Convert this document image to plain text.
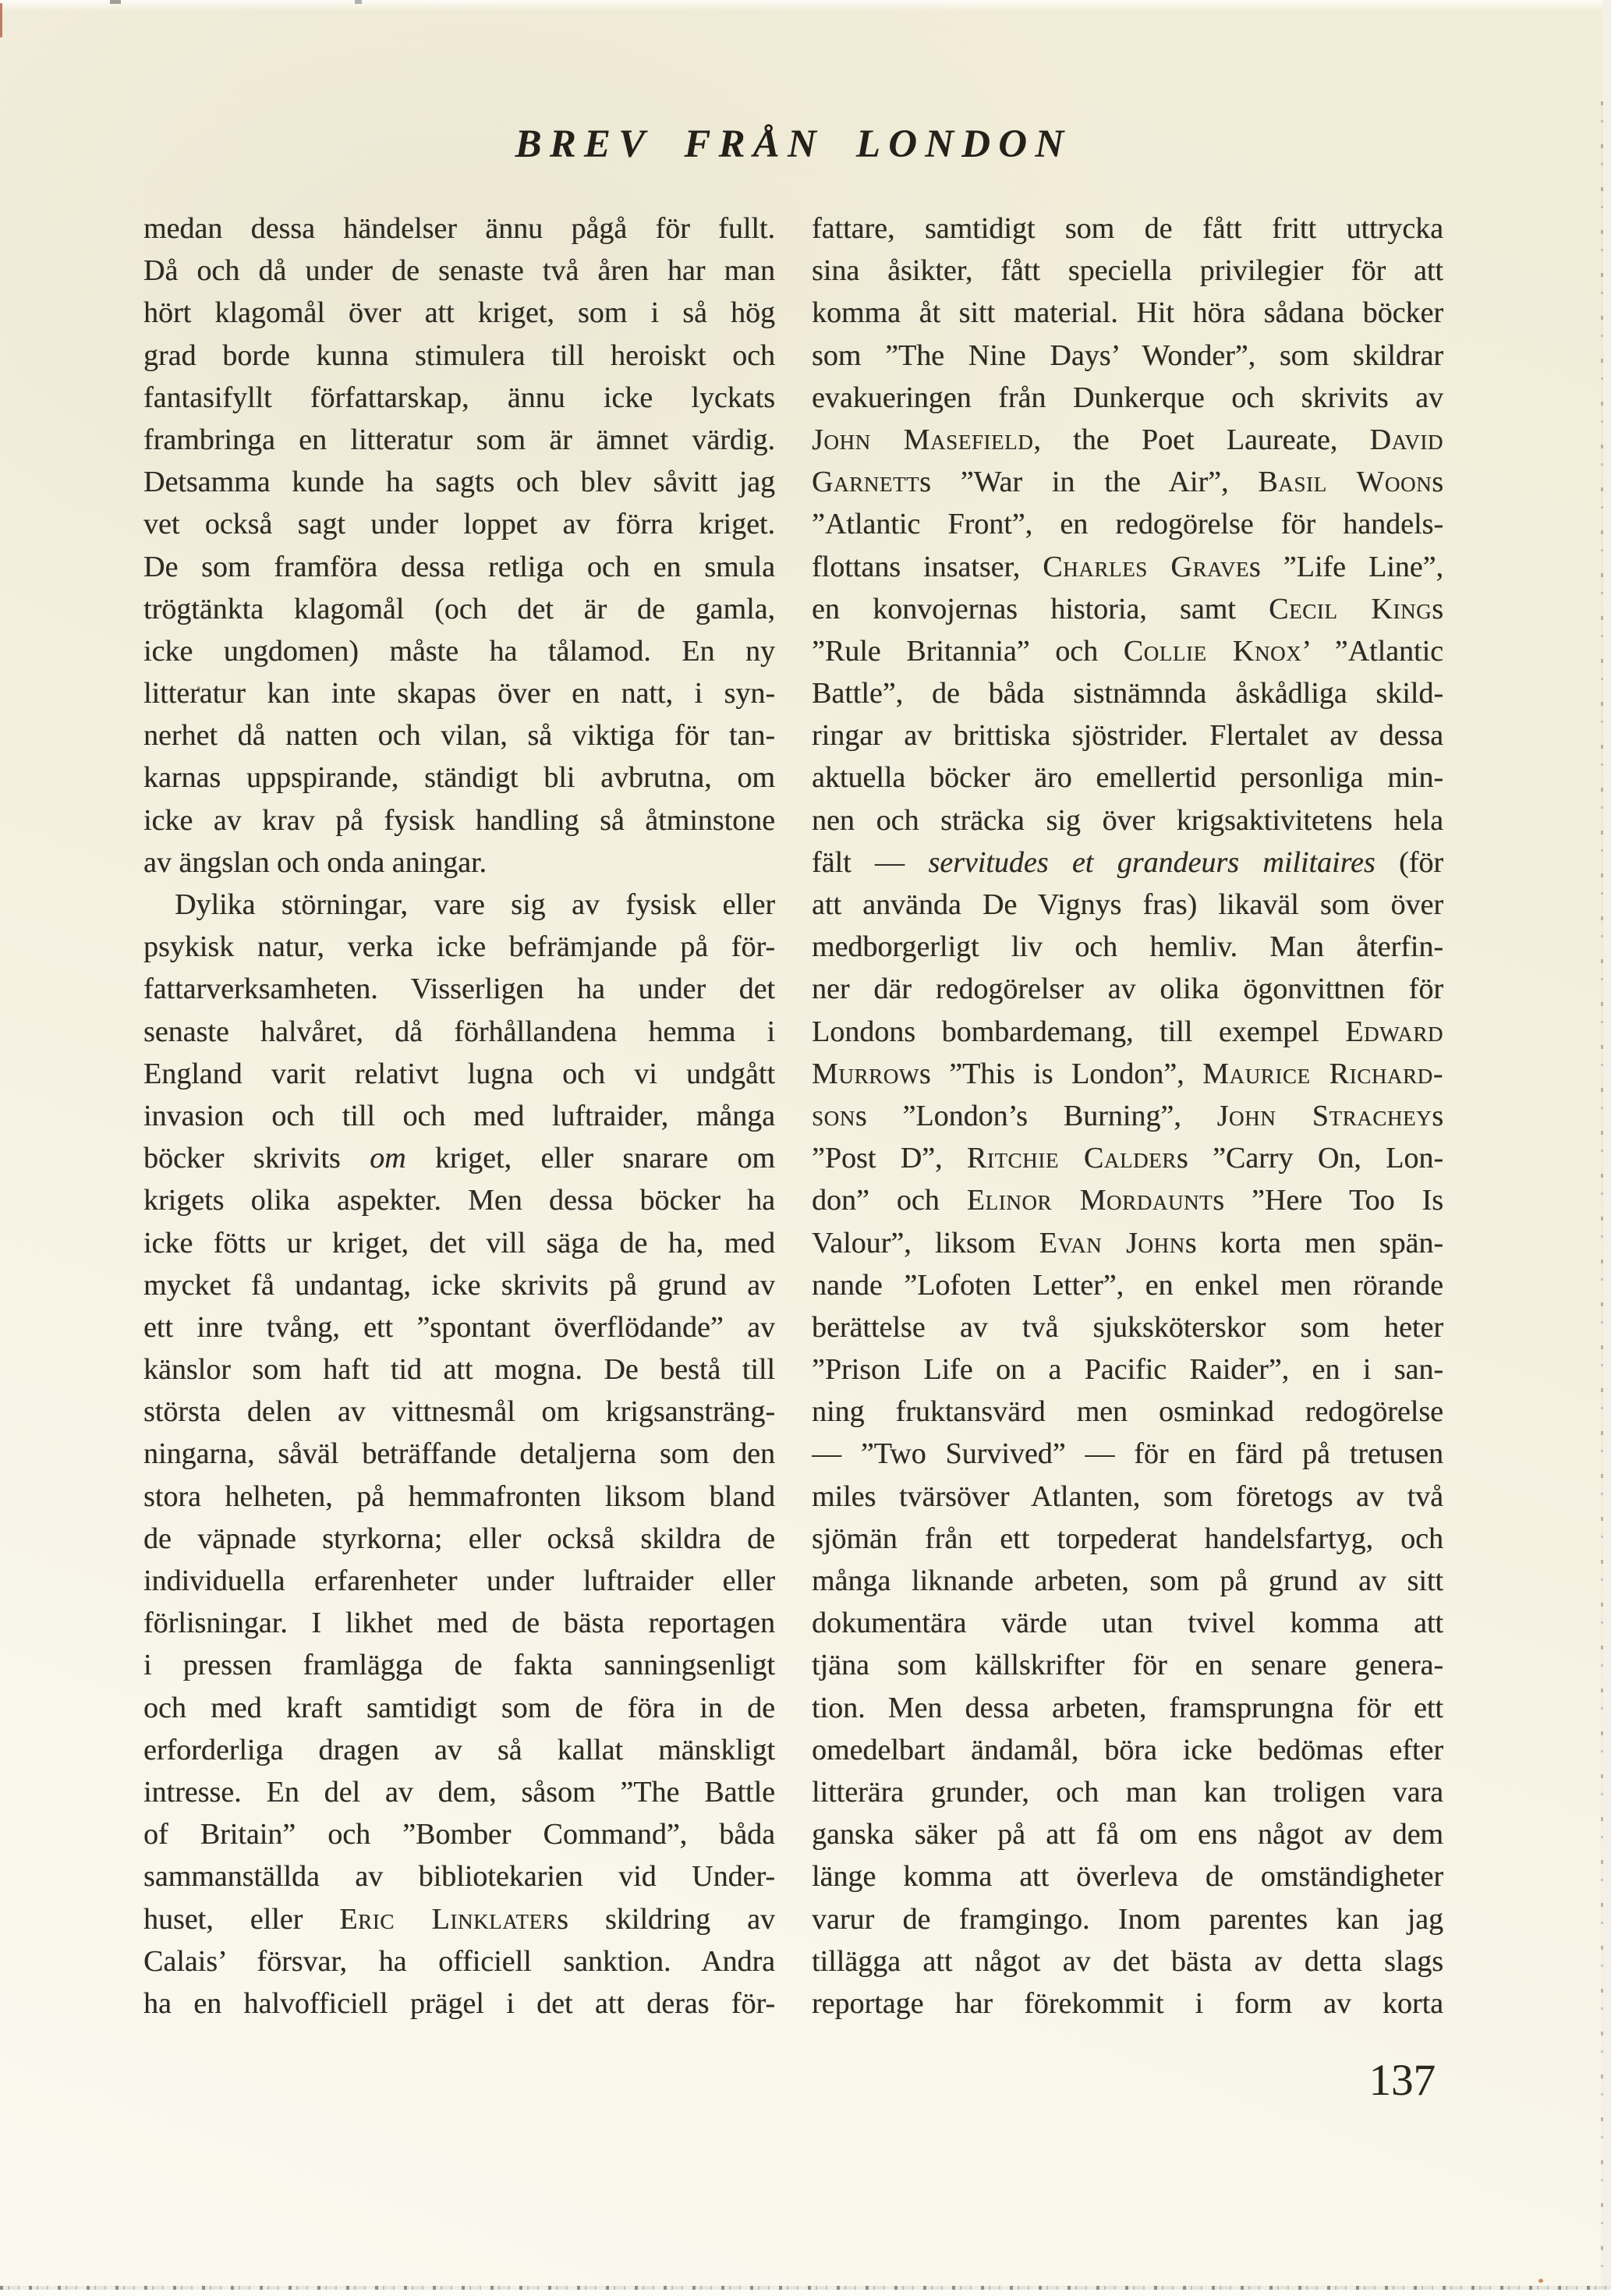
BREV FRÅN LONDON
medan dessa händelser ännu pågå för fullt.
Då och då under de senaste två åren har man
hört klagomål över att kriget, som i så hög
grad borde kunna stimulera till heroiskt och
fantasifyllt författarskap, ännu icke lyckats
frambringa en litteratur som är ämnet värdig.
Detsamma kunde ha sagts och blev såvitt jag
vet också sagt under loppet av förra kriget.
De som framföra dessa retliga och en smula
trögtänkta klagomål (och det är de gamla,
icke ungdomen) måste ha tålamod. En ny
litteratur kan inte skapas över en natt, i syn-
nerhet då natten och vilan, så viktiga för tan-
karnas uppspirande, ständigt bli avbrutna, om
icke av krav på fysisk handling så åtminstone
av ängslan och onda aningar.
Dylika störningar, vare sig av fysisk eller
psykisk natur, verka icke befrämjande på för-
fattarverksamheten. Visserligen ha under det
senaste halvåret, då förhållandena hemma i
England varit relativt lugna och vi undgått
invasion och till och med luftraider, många
böcker skrivits om kriget, eller snarare om
krigets olika aspekter. Men dessa böcker ha
icke fötts ur kriget, det vill säga de ha, med
mycket få undantag, icke skrivits på grund av
ett inre tvång, ett ”spontant överflödande” av
känslor som haft tid att mogna. De bestå till
största delen av vittnesmål om krigsansträng-
ningarna, såväl beträffande detaljerna som den
stora helheten, på hemmafronten liksom bland
de väpnade styrkorna; eller också skildra de
individuella erfarenheter under luftraider eller
förlisningar. I likhet med de bästa reportagen
i pressen framlägga de fakta sanningsenligt
och med kraft samtidigt som de föra in de
erforderliga dragen av så kallat mänskligt
intresse. En del av dem, såsom ”The Battle
of Britain” och ”Bomber Command”, båda
sammanställda av bibliotekarien vid Under-
huset, eller Eric Linklaters skildring av
Calais’ försvar, ha officiell sanktion. Andra
ha en halvofficiell prägel i det att deras för-
fattare, samtidigt som de fått fritt uttrycka
sina åsikter, fått speciella privilegier för att
komma åt sitt material. Hit höra sådana böcker
som ”The Nine Days’ Wonder”, som skildrar
evakueringen från Dunkerque och skrivits av
John Masefield, the Poet Laureate, David
Garnetts ”War in the Air”, Basil Woons
”Atlantic Front”, en redogörelse för handels-
flottans insatser, Charles Graves ”Life Line”,
en konvojernas historia, samt Cecil Kings
”Rule Britannia” och Collie Knox’ ”Atlantic
Battle”, de båda sistnämnda åskådliga skild-
ringar av brittiska sjöstrider. Flertalet av dessa
aktuella böcker äro emellertid personliga min-
nen och sträcka sig över krigsaktivitetens hela
fält — servitudes et grandeurs militaires (för
att använda De Vignys fras) likaväl som över
medborgerligt liv och hemliv. Man återfin-
ner där redogörelser av olika ögonvittnen för
Londons bombardemang, till exempel Edward
Murrows ”This is London”, Maurice Richard-
sons ”London’s Burning”, John Stracheys
”Post D”, Ritchie Calders ”Carry On, Lon-
don” och Elinor Mordaunts ”Here Too Is
Valour”, liksom Evan Johns korta men spän-
nande ”Lofoten Letter”, en enkel men rörande
berättelse av två sjuksköterskor som heter
”Prison Life on a Pacific Raider”, en i san-
ning fruktansvärd men osminkad redogörelse
— ”Two Survived” — för en färd på tretusen
miles tvärsöver Atlanten, som företogs av två
sjömän från ett torpederat handelsfartyg, och
många liknande arbeten, som på grund av sitt
dokumentära värde utan tvivel komma att
tjäna som källskrifter för en senare genera-
tion. Men dessa arbeten, framsprungna för ett
omedelbart ändamål, böra icke bedömas efter
litterära grunder, och man kan troligen vara
ganska säker på att få om ens något av dem
länge komma att överleva de omständigheter
varur de framgingo. Inom parentes kan jag
tillägga att något av det bästa av detta slags
reportage har förekommit i form av korta
137
